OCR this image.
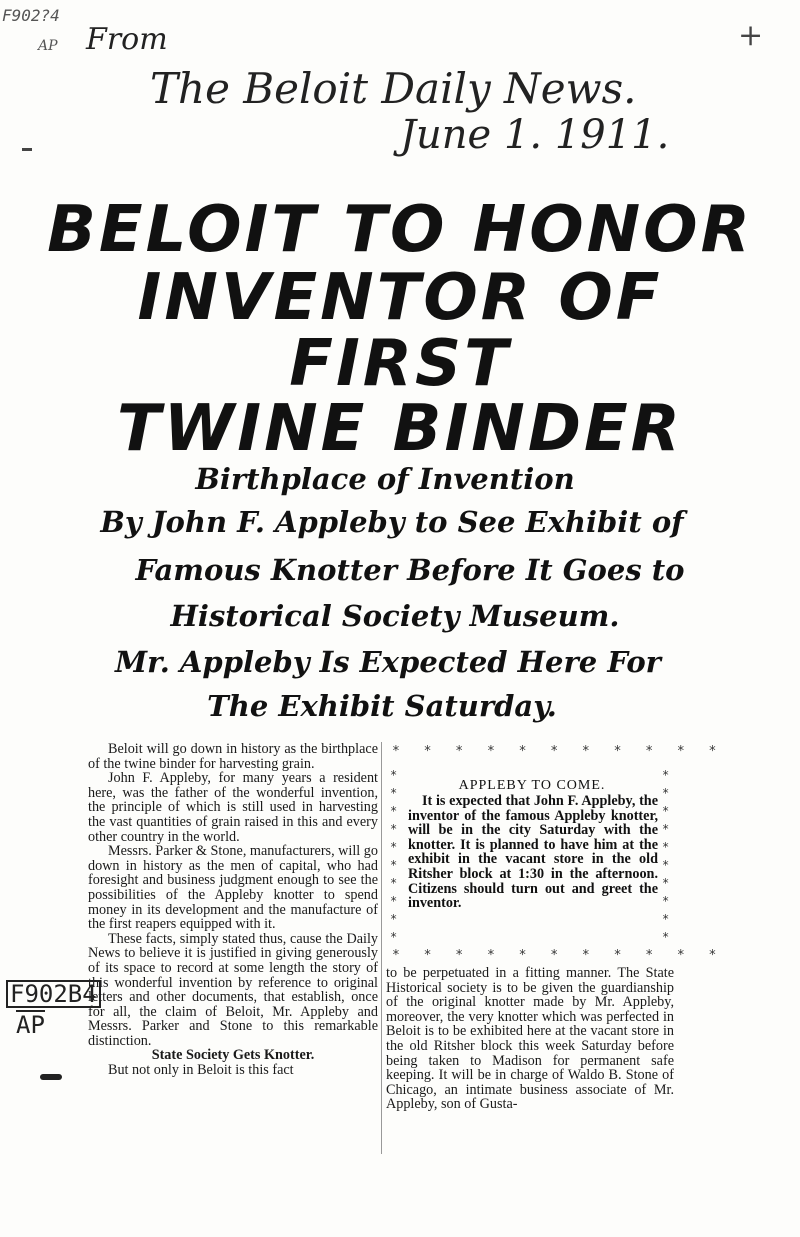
F902?4
AP From
The Beloit Daily News.
June 1. 1911.
+
BELOIT TO HONOR
INVENTOR OF
FIRST
TWINE BINDER
Birthplace of Invention
By John F. Appleby to See Exhibit of
Famous Knotter Before It Goes to
Historical Society Museum.
Mr. Appleby Is Expected Here For
The Exhibit Saturday.

Beloit will go down in history as the birthplace of the twine binder for harvesting grain.

John F. Appleby, for many years a resident here, was the father of the wonderful invention, the principle of which is still used in harvesting the vast quantities of grain raised in this and every other country in the world.

Messrs. Parker & Stone, manufacturers, will go down in history as the men of capital, who had foresight and business judgment enough to see the possibilities of the Appleby knotter to spend money in its development and the manufacture of the first reapers equipped with it.

These facts, simply stated thus, cause the Daily News to believe it is justified in giving generously of its space to record at some length the story of this wonderful invention by reference to original letters and other documents, that establish, once for all, the claim of Beloit, Mr. Appleby and Messrs. Parker and Stone to this remarkable distinction.

State Society Gets Knotter.

But not only in Beloit is this fact

* * * * * * * * * * *
*
*
*
*
*
*
*
*
*
*
*
*
*
*
*
*
*
*
*
*
APPLEBY TO COME.
It is expected that John F. Appleby, the inventor of the famous Appleby knotter, will be in the city Saturday with the knotter. It is planned to have him at the exhibit in the vacant store in the old Ritsher block at 1:30 in the afternoon. Citizens should turn out and greet the inventor.
* * * * * * * * * * *

to be perpetuated in a fitting manner. The State Historical society is to be given the guardianship of the original knotter made by Mr. Appleby, moreover, the very knotter which was perfected in Beloit is to be exhibited here at the vacant store in the old Ritsher block this week Saturday before being taken to Madison for permanent safe keeping. It will be in charge of Waldo B. Stone of Chicago, an intimate business associate of Mr. Appleby, son of Gusta-

F902B4
AP
